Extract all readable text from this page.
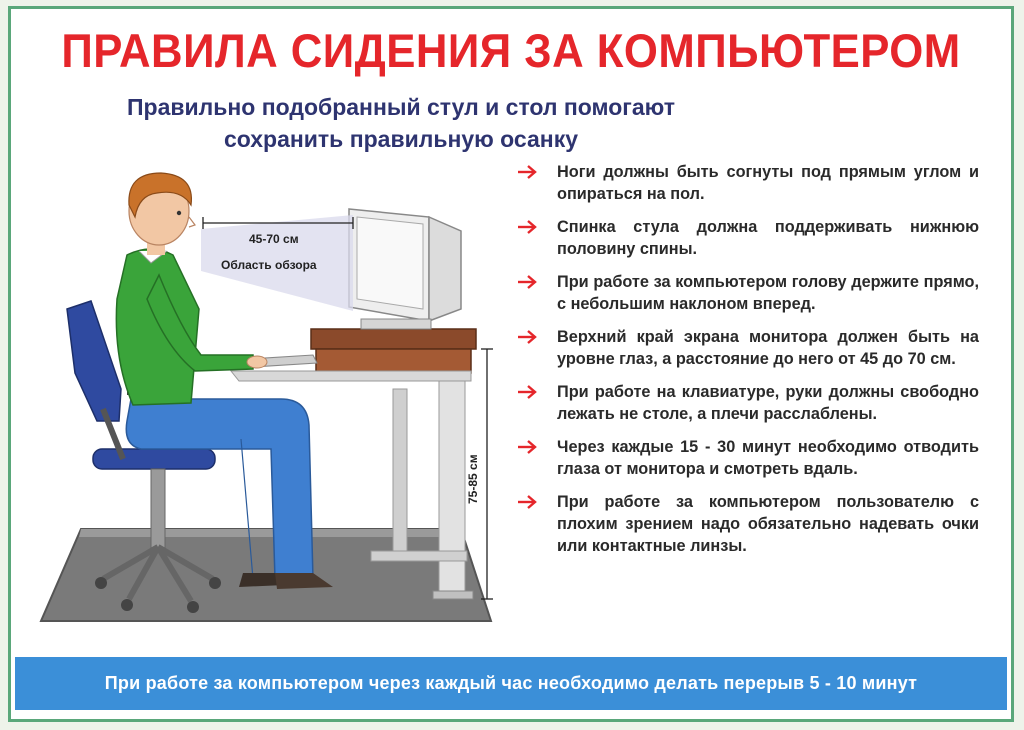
ПРАВИЛА СИДЕНИЯ ЗА КОМПЬЮТЕРОМ
Правильно подобранный стул и стол помогают
сохранить правильную осанку
45-70 см
Область обзора
75-85 см
Ноги должны быть согнуты под прямым углом и опираться на пол.
Спинка стула должна поддерживать нижнюю половину спины.
При работе за компьютером голову держите прямо, с небольшим наклоном вперед.
Верхний край экрана монитора должен быть на уровне глаз, а расстояние до него от 45 до 70 см.
При работе на клавиатуре, руки должны свободно лежать не столе, а плечи расслаблены.
Через каждые 15 - 30 минут необходимо отводить глаза от монитора и смотреть вдаль.
При работе за компьютером пользователю с плохим зрением надо обязательно надевать очки или контактные линзы.
При работе за компьютером через каждый час необходимо делать перерыв 5 - 10 минут
